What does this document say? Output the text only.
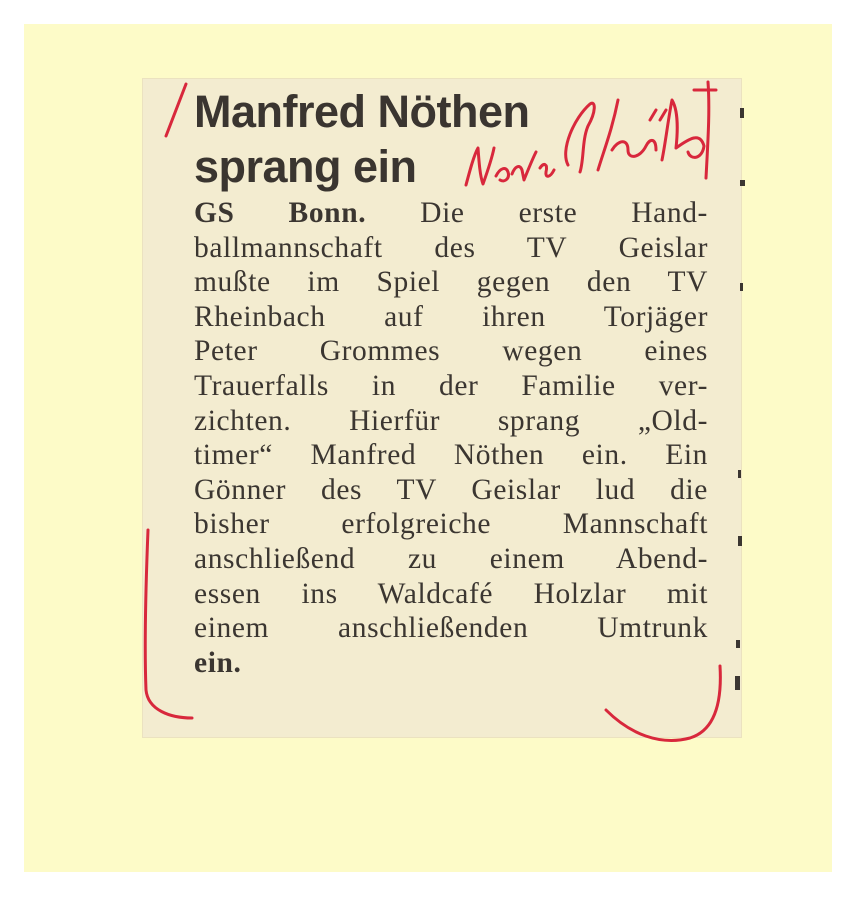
Manfred Nöthen
sprang ein
GS Bonn. Die erste Hand-
ballmannschaft des TV Geislar
mußte im Spiel gegen den TV
Rheinbach auf ihren Torjäger
Peter Grommes wegen eines
Trauerfalls in der Familie ver-
zichten. Hierfür sprang „Old-
timer“ Manfred Nöthen ein. Ein
Gönner des TV Geislar lud die
bisher erfolgreiche Mannschaft
anschließend zu einem Abend-
essen ins Waldcafé Holzlar mit
einem anschließenden Umtrunk
ein.
